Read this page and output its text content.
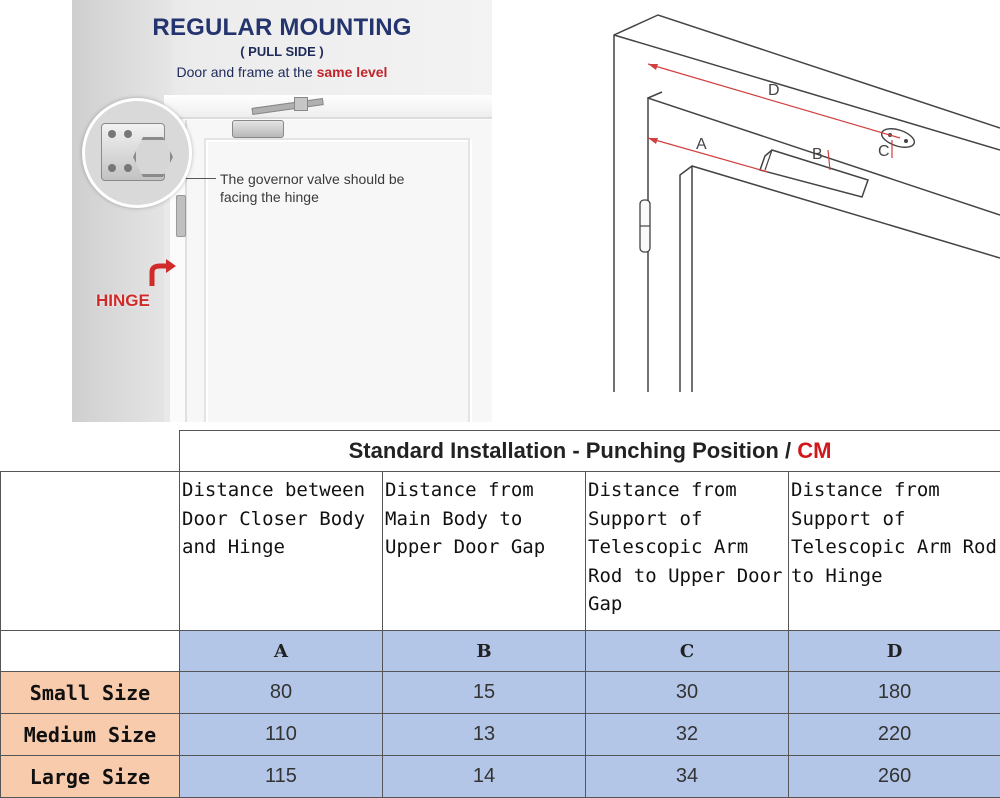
REGULAR MOUNTING
( PULL SIDE )
Door and frame at the same level
The governor valve should be facing the hinge
HINGE
D
A
B	C
	Standard Installation - Punching Position / CM			

	Distance between Door Closer Body and Hinge	Distance from Main Body to Upper Door Gap	Distance from Support of Telescopic Arm Rod to Upper Door Gap	Distance from Support of Telescopic Arm Rod to Hinge

	A	B	C	D
Small Size	80	15	30	180
Medium Size	110	13	32	220
Large Size	115	14	34	260
